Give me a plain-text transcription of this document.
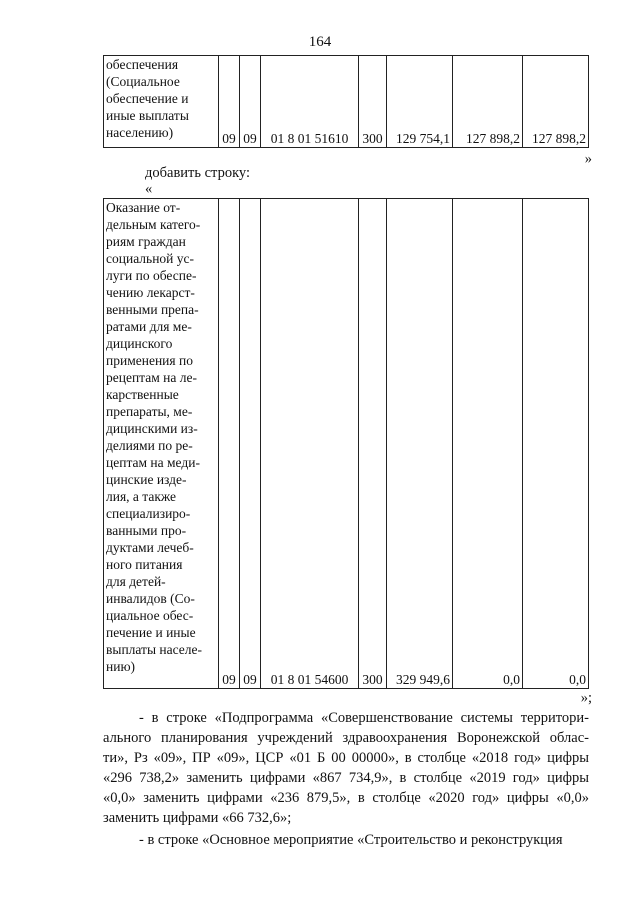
164
обеспечения
(Социальное
обеспечение и
иные выплаты
населению)	09	09	01 8 01 51610	300	129 754,1	127 898,2	127 898,2
»
добавить строку:
«
Оказание от-
дельным катего-
риям граждан
социальной ус-
луги по обеспе-
чению лекарст-
венными препа-
ратами для ме-
дицинского
применения по
рецептам на ле-
карственные
препараты, ме-
дицинскими из-
делиями по ре-
цептам на меди-
цинские изде-
лия, а также
специализиро-
ванными про-
дуктами лечеб-
ного питания
для детей-
инвалидов (Со-
циальное обес-
печение и иные
выплаты населе-
нию)
	09	09	01 8 01 54600	300	329 949,6	0,0	0,0
»;
- в строке «Подпрограмма «Совершенствование системы территори-
ального планирования учреждений здравоохранения Воронежской облас-
ти», Рз «09», ПР «09», ЦСР «01 Б 00 00000», в столбце «2018 год» цифры
«296 738,2» заменить цифрами «867 734,9», в столбце «2019 год» цифры
«0,0» заменить цифрами «236 879,5», в столбце «2020 год» цифры «0,0»
заменить цифрами «66 732,6»;
- в строке «Основное мероприятие «Строительство и реконструкция
